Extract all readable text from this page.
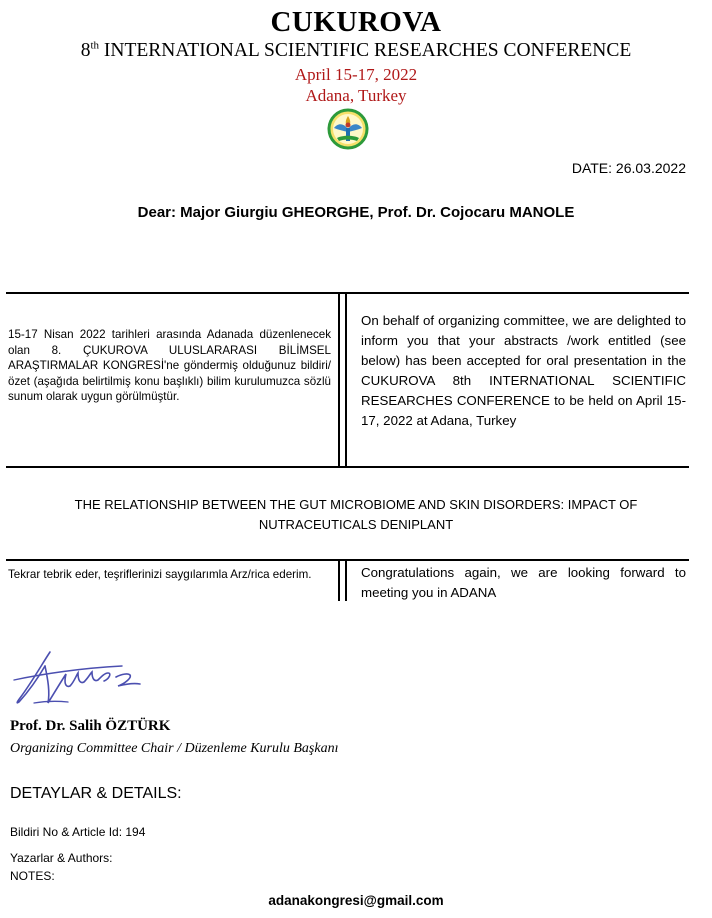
CUKUROVA
8th INTERNATIONAL SCIENTIFIC RESEARCHES CONFERENCE
April 15-17, 2022
Adana, Turkey
DATE: 26.03.2022
Dear: Major Giurgiu GHEORGHE, Prof. Dr. Cojocaru MANOLE
15-17 Nisan 2022 tarihleri arasında Adanada düzenlenecek olan 8. ÇUKUROVA ULUSLARARASI BİLİMSEL ARAŞTIRMALAR KONGRESİ'ne göndermiş olduğunuz bildiri/özet (aşağıda belirtilmiş konu başlıklı) bilim kurulumuzca sözlü sunum olarak uygun görülmüştür.
On behalf of organizing committee, we are delighted to inform you that your abstracts /work entitled (see below) has been accepted for oral presentation in the CUKUROVA 8th INTERNATIONAL SCIENTIFIC RESEARCHES CONFERENCE to be held on April 15-17, 2022 at Adana, Turkey
THE RELATIONSHIP BETWEEN THE GUT MICROBIOME AND SKIN DISORDERS: IMPACT OF NUTRACEUTICALS DENIPLANT
Tekrar tebrik eder, teşriflerinizi saygılarımla Arz/rica ederim.	Congratulations again, we are looking forward to meeting you in ADANA
Prof. Dr. Salih ÖZTÜRK
Organizing Committee Chair / Düzenleme Kurulu Başkanı
DETAYLAR & DETAILS:
Bildiri No & Article Id: 194
Yazarlar & Authors:
NOTES:
adanakongresi@gmail.com
